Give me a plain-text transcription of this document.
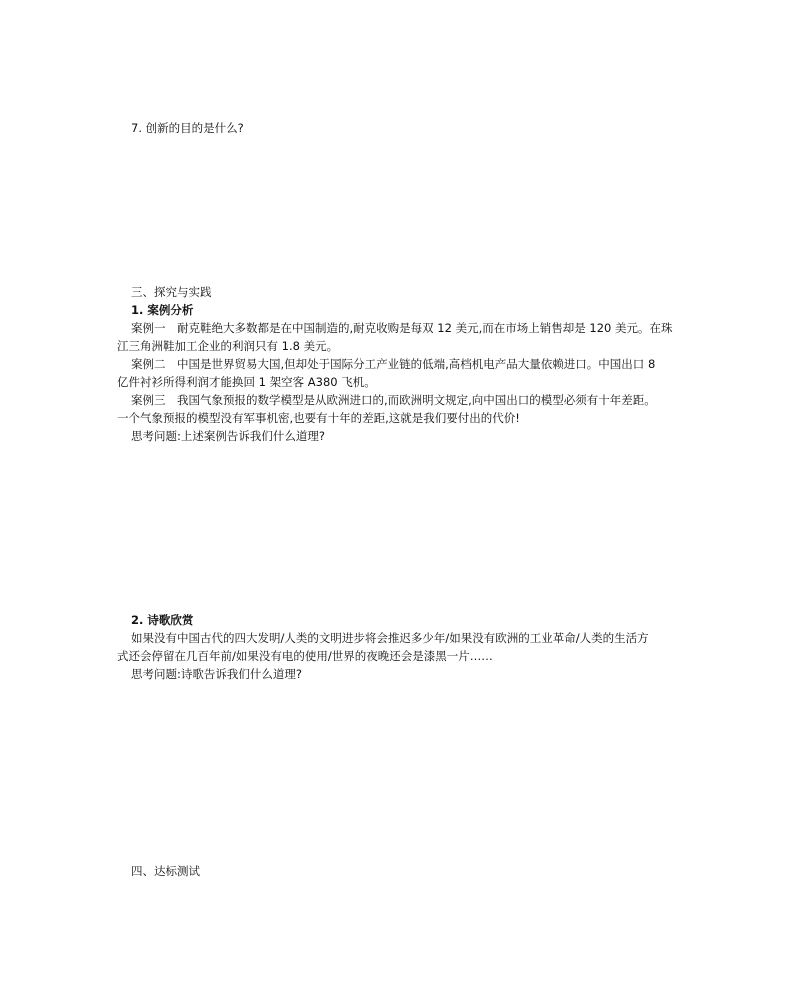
7. 创新的目的是什么?
三、探究与实践
1. 案例分析
案例一　耐克鞋绝大多数都是在中国制造的,耐克收购是每双 12 美元,而在市场上销售却是 120 美元。在珠
江三角洲鞋加工企业的利润只有 1.8 美元。
案例二　中国是世界贸易大国,但却处于国际分工产业链的低端,高档机电产品大量依赖进口。中国出口 8
亿件衬衫所得利润才能换回 1 架空客 A380 飞机。
案例三　我国气象预报的数学模型是从欧洲进口的,而欧洲明文规定,向中国出口的模型必须有十年差距。
一个气象预报的模型没有军事机密,也要有十年的差距,这就是我们要付出的代价!
思考问题:上述案例告诉我们什么道理?
2. 诗歌欣赏
如果没有中国古代的四大发明/人类的文明进步将会推迟多少年/如果没有欧洲的工业革命/人类的生活方
式还会停留在几百年前/如果没有电的使用/世界的夜晚还会是漆黑一片……
思考问题:诗歌告诉我们什么道理?
四、达标测试
